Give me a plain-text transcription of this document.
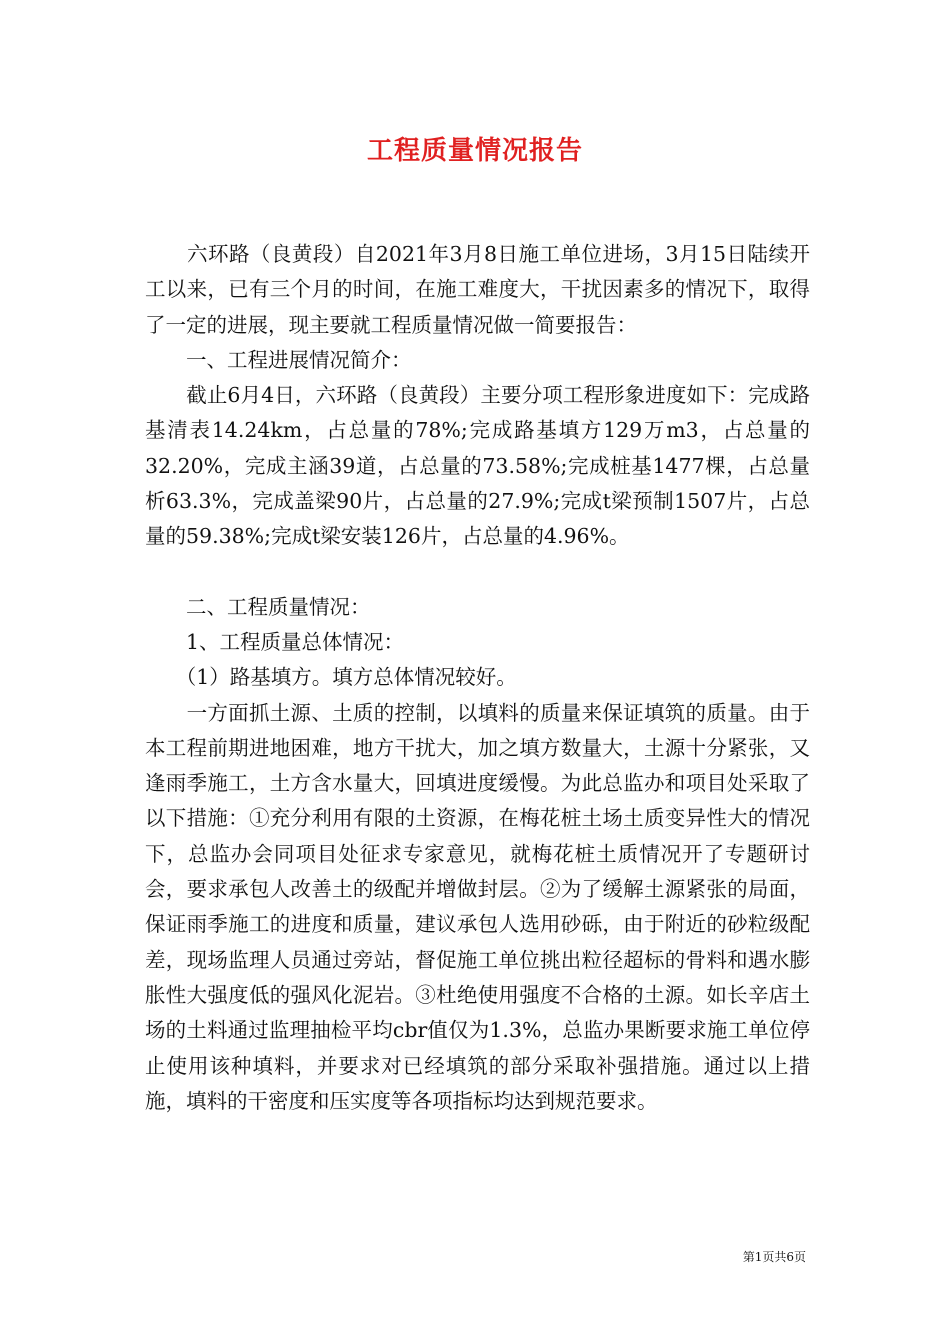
工程质量情况报告

　　六环路（良黄段）自2021年3月8日施工单位进场，3月15日陆续开工以来，已有三个月的时间，在施工难度大，干扰因素多的情况下，取得了一定的进展，现主要就工程质量情况做一简要报告：

　　一、工程进展情况简介：

　　截止6月4日，六环路（良黄段）主要分项工程形象进度如下：完成路基清表14.24km，占总量的78%;完成路基填方129万m3，占总量的32.20%，完成主涵39道，占总量的73.58%;完成桩基1477棵，占总量析63.3%，完成盖梁90片，占总量的27.9%;完成t梁预制1507片，占总量的59.38%;完成t梁安装126片，占总量的4.96%。

　　二、工程质量情况：

　　1、工程质量总体情况：

　　（1）路基填方。填方总体情况较好。

　　一方面抓土源、土质的控制，以填料的质量来保证填筑的质量。由于本工程前期进地困难，地方干扰大，加之填方数量大，土源十分紧张，又逢雨季施工，土方含水量大，回填进度缓慢。为此总监办和项目处采取了以下措施：①充分利用有限的土资源，在梅花桩土场土质变异性大的情况下，总监办会同项目处征求专家意见，就梅花桩土质情况开了专题研讨会，要求承包人改善土的级配并增做封层。②为了缓解土源紧张的局面，保证雨季施工的进度和质量，建议承包人选用砂砾，由于附近的砂粒级配差，现场监理人员通过旁站，督促施工单位挑出粒径超标的骨料和遇水膨胀性大强度低的强风化泥岩。③杜绝使用强度不合格的土源。如长辛店土场的土料通过监理抽检平均cbr值仅为1.3%，总监办果断要求施工单位停止使用该种填料，并要求对已经填筑的部分采取补强措施。通过以上措施，填料的干密度和压实度等各项指标均达到规范要求。

第1页共6页
